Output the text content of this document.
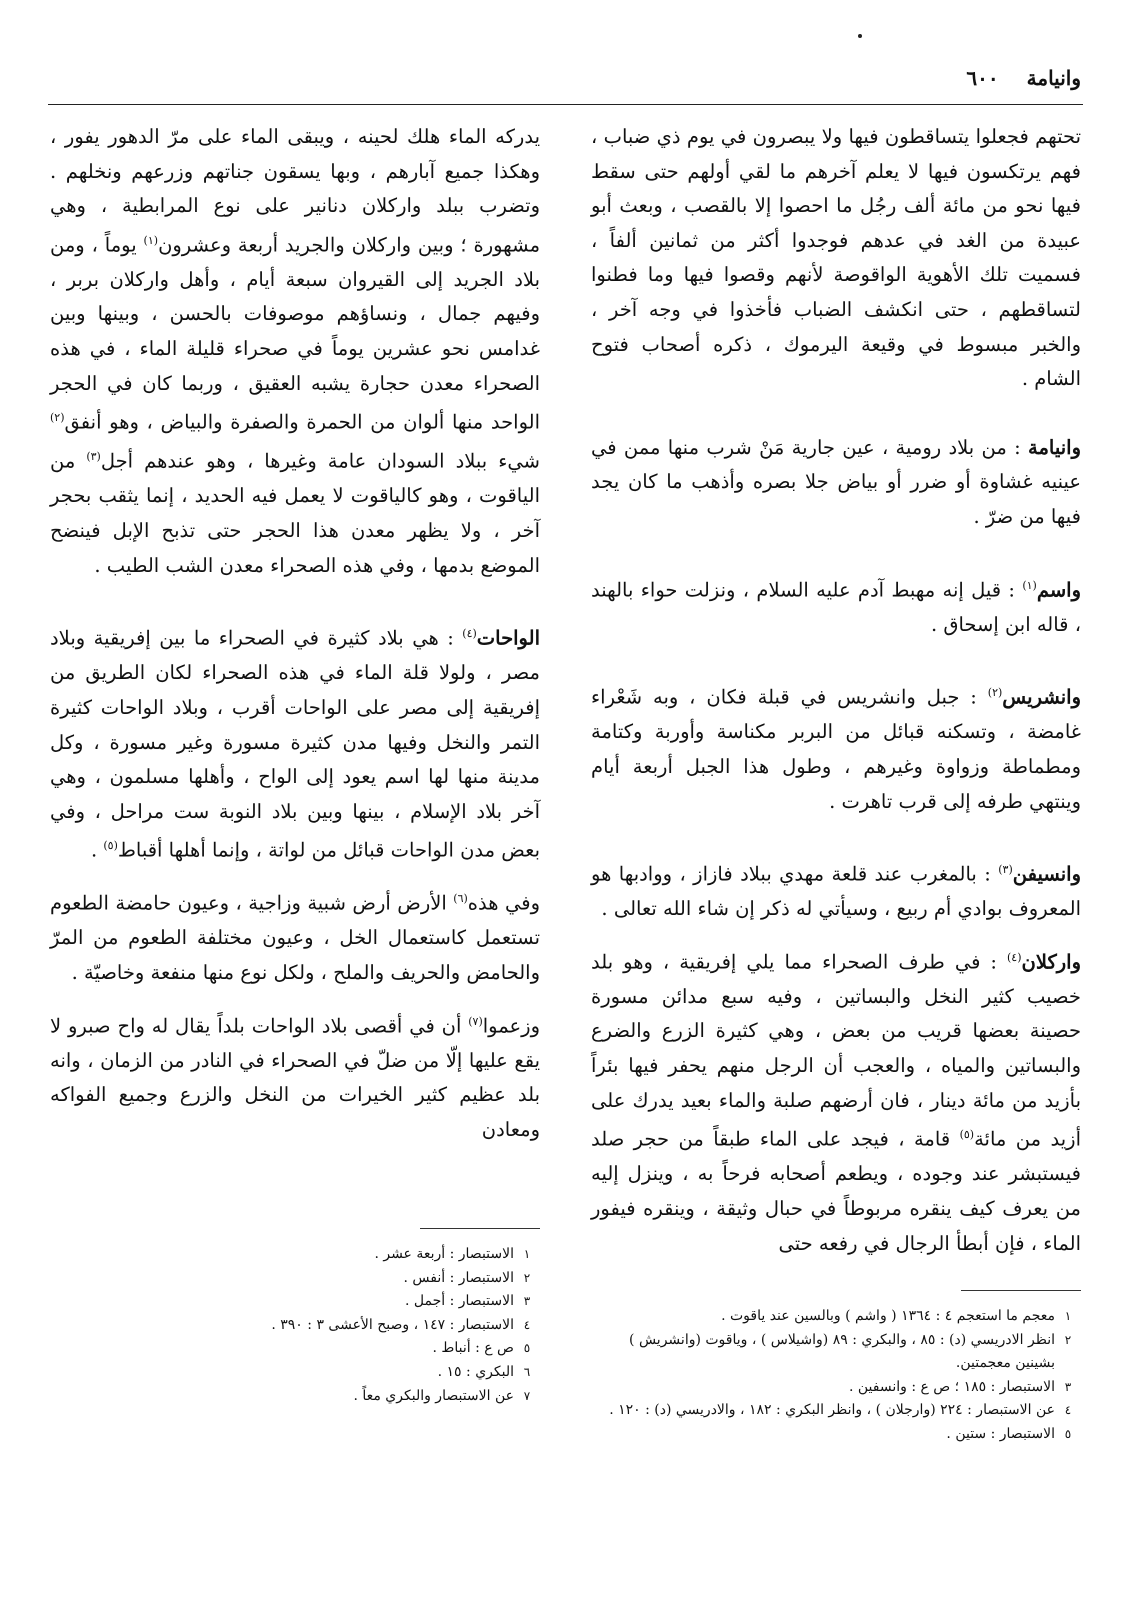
وانيامة
٦٠٠

تحتهم فجعلوا يتساقطون فيها ولا يبصرون في يوم ذي ضباب ، فهم يرتكسون فيها لا يعلم آخرهم ما لقي أولهم حتى سقط فيها نحو من مائة ألف رجُل ما احصوا إلا بالقصب ، وبعث أبو عبيدة من الغد في عدهم فوجدوا أكثر من ثمانين ألفاً ، فسميت تلك الأهوية الواقوصة لأنهم وقصوا فيها وما فطنوا لتساقطهم ، حتى انكشف الضباب فأخذوا في وجه آخر ، والخبر مبسوط في وقيعة اليرموك ، ذكره أصحاب فتوح الشام .

وانيامة : من بلاد رومية ، عين جارية مَنْ شرب منها ممن في عينيه غشاوة أو ضرر أو بياض جلا بصره وأذهب ما كان يجد فيها من ضرّ .

واسم$^{(١)}$ : قيل إنه مهبط آدم عليه السلام ، ونزلت حواء بالهند ، قاله ابن إسحاق .

وانشريس$^{(٢)}$ : جبل وانشريس في قبلة فكان ، وبه شَعْراء غامضة ، وتسكنه قبائل من البربر مكناسة وأوربة وكتامة ومطماطة وزواوة وغيرهم ، وطول هذا الجبل أربعة أيام وينتهي طرفه إلى قرب تاهرت .

وانسيفن$^{(٣)}$ : بالمغرب عند قلعة مهدي ببلاد فازاز ، ووادبها هو المعروف بوادي أم ربيع ، وسيأتي له ذكر إن شاء الله تعالى .

واركلان$^{(٤)}$ : في طرف الصحراء مما يلي إفريقية ، وهو بلد خصيب كثير النخل والبساتين ، وفيه سبع مدائن مسورة حصينة بعضها قريب من بعض ، وهي كثيرة الزرع والضرع والبساتين والمياه ، والعجب أن الرجل منهم يحفر فيها بئراً بأزيد من مائة دينار ، فان أرضهم صلبة والماء بعيد يدرك على أزيد من مائة$^{(٥)}$ قامة ، فيجد على الماء طبقاً من حجر صلد فيستبشر عند وجوده ، ويطعم أصحابه فرحاً به ، وينزل إليه من يعرف كيف ينقره مربوطاً في حبال وثيقة ، وينقره فيفور الماء ، فإن أبطأ الرجال في رفعه حتى

١
معجم ما استعجم ٤ : ١٣٦٤ ( واشم ) وبالسين عند ياقوت .
٢
انظر الادريسي (د) : ٨٥ ، والبكري : ٨٩ (واشيلاس ) ، وياقوت (وانشريش ) بشينين معجمتين.
٣
الاستبصار : ١٨٥ ؛ ص ع : وانسفين .
٤
عن الاستبصار : ٢٢٤ (وارجلان ) ، وانظر البكري : ١٨٢ ، والادريسي (د) : ١٢٠ .
٥
الاستبصار : ستين .

يدركه الماء هلك لحينه ، ويبقى الماء على مرّ الدهور يفور ، وهكذا جميع آبارهم ، وبها يسقون جناتهم وزرعهم ونخلهم . وتضرب ببلد واركلان دنانير على نوع المرابطية ، وهي مشهورة ؛ وبين واركلان والجريد أربعة وعشرون$^{(١)}$ يوماً ، ومن بلاد الجريد إلى القيروان سبعة أيام ، وأهل واركلان بربر ، وفيهم جمال ، ونساؤهم موصوفات بالحسن ، وبينها وبين غدامس نحو عشرين يوماً في صحراء قليلة الماء ، في هذه الصحراء معدن حجارة يشبه العقيق ، وربما كان في الحجر الواحد منها ألوان من الحمرة والصفرة والبياض ، وهو أنفق$^{(٢)}$ شيء ببلاد السودان عامة وغيرها ، وهو عندهم أجل$^{(٣)}$ من الياقوت ، وهو كالياقوت لا يعمل فيه الحديد ، إنما يثقب بحجر آخر ، ولا يظهر معدن هذا الحجر حتى تذبح الإبل فينضح الموضع بدمها ، وفي هذه الصحراء معدن الشب الطيب .

الواحات$^{(٤)}$ : هي بلاد كثيرة في الصحراء ما بين إفريقية وبلاد مصر ، ولولا قلة الماء في هذه الصحراء لكان الطريق من إفريقية إلى مصر على الواحات أقرب ، وبلاد الواحات كثيرة التمر والنخل وفيها مدن كثيرة مسورة وغير مسورة ، وكل مدينة منها لها اسم يعود إلى الواح ، وأهلها مسلمون ، وهي آخر بلاد الإسلام ، بينها وبين بلاد النوبة ست مراحل ، وفي بعض مدن الواحات قبائل من لواتة ، وإنما أهلها أقباط$^{(٥)}$ .

وفي هذه$^{(٦)}$ الأرض أرض شبية وزاجية ، وعيون حامضة الطعوم تستعمل كاستعمال الخل ، وعيون مختلفة الطعوم من المرّ والحامض والحريف والملح ، ولكل نوع منها منفعة وخاصيّة .

وزعموا$^{(٧)}$ أن في أقصى بلاد الواحات بلداً يقال له واح صبرو لا يقع عليها إلّا من ضلّ في الصحراء في النادر من الزمان ، وانه بلد عظيم كثير الخيرات من النخل والزرع وجميع الفواكه ومعادن

١
الاستبصار : أربعة عشر .
٢
الاستبصار : أنفس .
٣
الاستبصار : أجمل .
٤
الاستبصار : ١٤٧ ، وصبح الأعشى ٣ : ٣٩٠ .
٥
ص ع : أنباط .
٦
البكري : ١٥ .
٧
عن الاستبصار والبكري معاً .
